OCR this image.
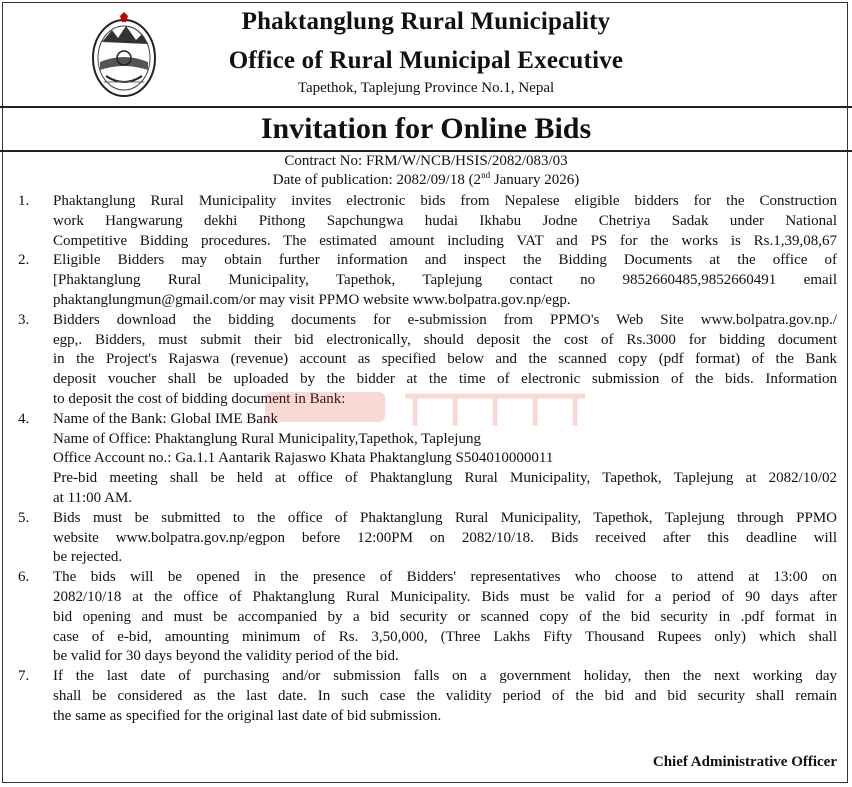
Phaktanglung Rural Municipality
Office of Rural Municipal Executive
Tapethok, Taplejung Province No.1, Nepal
Invitation for Online Bids
Contract No: FRM/W/NCB/HSIS/2082/083/03
Date of publication: 2082/09/18 (2nd January 2026)
1. Phaktanglung Rural Municipality invites electronic bids from Nepalese eligible bidders for the Construction
work Hangwarung dekhi Pithong Sapchungwa hudai Ikhabu Jodne Chetriya Sadak under National
Competitive Bidding procedures. The estimated amount including VAT and PS for the works is Rs.1,39,08,67
2. Eligible Bidders may obtain further information and inspect the Bidding Documents at the office of
[Phaktanglung Rural Municipality, Tapethok, Taplejung contact no 9852660485,9852660491 email
phaktanglungmun@gmail.com/or may visit PPMO website www.bolpatra.gov.np/egp.
3. Bidders download the bidding documents for e-submission from PPMO's Web Site www.bolpatra.gov.np./
egp,. Bidders, must submit their bid electronically, should deposit the cost of Rs.3000 for bidding document
in the Project's Rajaswa (revenue) account as specified below and the scanned copy (pdf format) of the Bank
deposit voucher shall be uploaded by the bidder at the time of electronic submission of the bids. Information
to deposit the cost of bidding document in Bank:
4. Name of the Bank: Global IME Bank
Name of Office: Phaktanglung Rural Municipality,Tapethok, Taplejung
Office Account no.: Ga.1.1 Aantarik Rajaswo Khata Phaktanglung S504010000011
Pre-bid meeting shall be held at office of Phaktanglung Rural Municipality, Tapethok, Taplejung at 2082/10/02
at 11:00 AM.
5. Bids must be submitted to the office of Phaktanglung Rural Municipality, Tapethok, Taplejung through PPMO
website www.bolpatra.gov.np/egpon before 12:00PM on 2082/10/18. Bids received after this deadline will
be rejected.
6. The bids will be opened in the presence of Bidders' representatives who choose to attend at 13:00 on
2082/10/18 at the office of Phaktanglung Rural Municipality. Bids must be valid for a period of 90 days after
bid opening and must be accompanied by a bid security or scanned copy of the bid security in .pdf format in
case of e-bid, amounting minimum of Rs. 3,50,000, (Three Lakhs Fifty Thousand Rupees only) which shall
be valid for 30 days beyond the validity period of the bid.
7. If the last date of purchasing and/or submission falls on a government holiday, then the next working day
shall be considered as the last date. In such case the validity period of the bid and bid security shall remain
the same as specified for the original last date of bid submission.
Chief Administrative Officer
